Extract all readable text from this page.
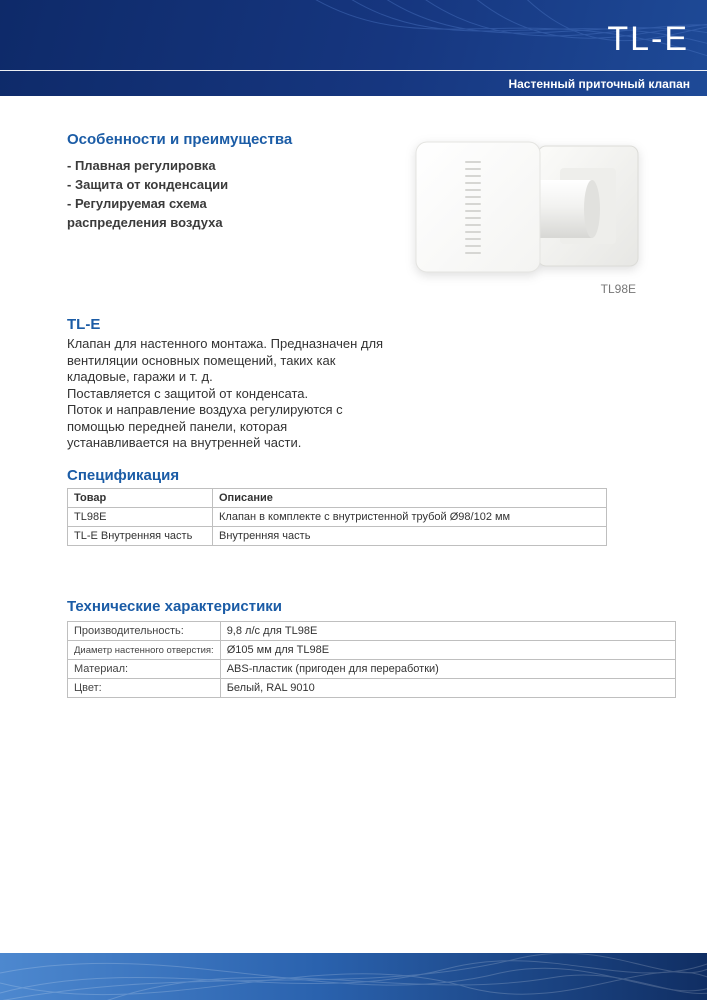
TL-E
Настенный приточный клапан
Особенности и преимущества
- Плавная регулировка
- Защита от конденсации
- Регулируемая схема распределения воздуха
TL98E
TL-E

Клапан для настенного монтажа. Предназначен для вентиляции основных помещений, таких как кладовые, гаражи и т. д.

Поставляется с защитой от конденсата.

Поток и направление воздуха регулируются с помощью передней панели, которая устанавливается на внутренней части.

Спецификация
Товар	Описание
TL98E	Клапан в комплекте с внутристенной трубой Ø98/102 мм
TL-E Внутренняя часть	Внутренняя часть
Технические характеристики
Производительность:	9,8 л/с для TL98E
Диаметр настенного отверстия:	Ø105 мм для TL98E
Материал:	ABS-пластик (пригоден для переработки)
Цвет:	Белый, RAL 9010
